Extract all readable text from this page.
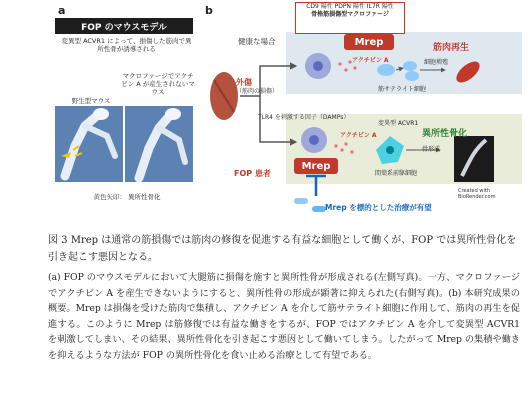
a
FOP のマウスモデル
変異型 ACVR1 によって、損傷した筋肉で異所性骨が誘導される
マクロファージでアクチビン A が産生されないマウス
野生型マウス
黄色矢印： 異所性骨化
b	CD9 陽性 PDPN 陽性 IL7R 陽性
骨格筋損傷型マクロファージ
Mrep
健康な場合
アクチビン A	細胞増殖
筋サテライト細胞
筋肉再生
外傷
（筋肉の損傷）
TLR4 を刺激する因子（DAMPs）
アクチビン A
変異型 ACVR1
骨形成
間葉系前駆細胞
異所性骨化
FOP 患者
Mrep
Mrep を標的とした治療が有望
Created with BioRender.com
図 3 Mrep は通常の筋損傷では筋肉の修復を促進する有益な細胞として働くが、FOP では異所性骨化を引き起こす悪因となる。

(a) FOP のマウスモデルにおいて大腿筋に損傷を施すと異所性骨が形成される(左側写真)。一方、マクロファージでアクチビン A を産生できないようにすると、異所性骨の形成が顕著に抑えられた(右側写真)。(b) 本研究成果の概要。Mrep は損傷を受けた筋肉で集積し、アクチビン A を介して筋サテライト細胞に作用して、筋肉の再生を促進する。このように Mrep は筋修復では有益な働きをするが、FOP ではアクチビン A を介して変異型 ACVR1 を刺激してしまい、その結果、異所性骨化を引き起こす悪因として働いてしまう。したがって Mrep の集積や働きを抑えるような方法が FOP の異所性骨化を食い止める治療として有望である。
